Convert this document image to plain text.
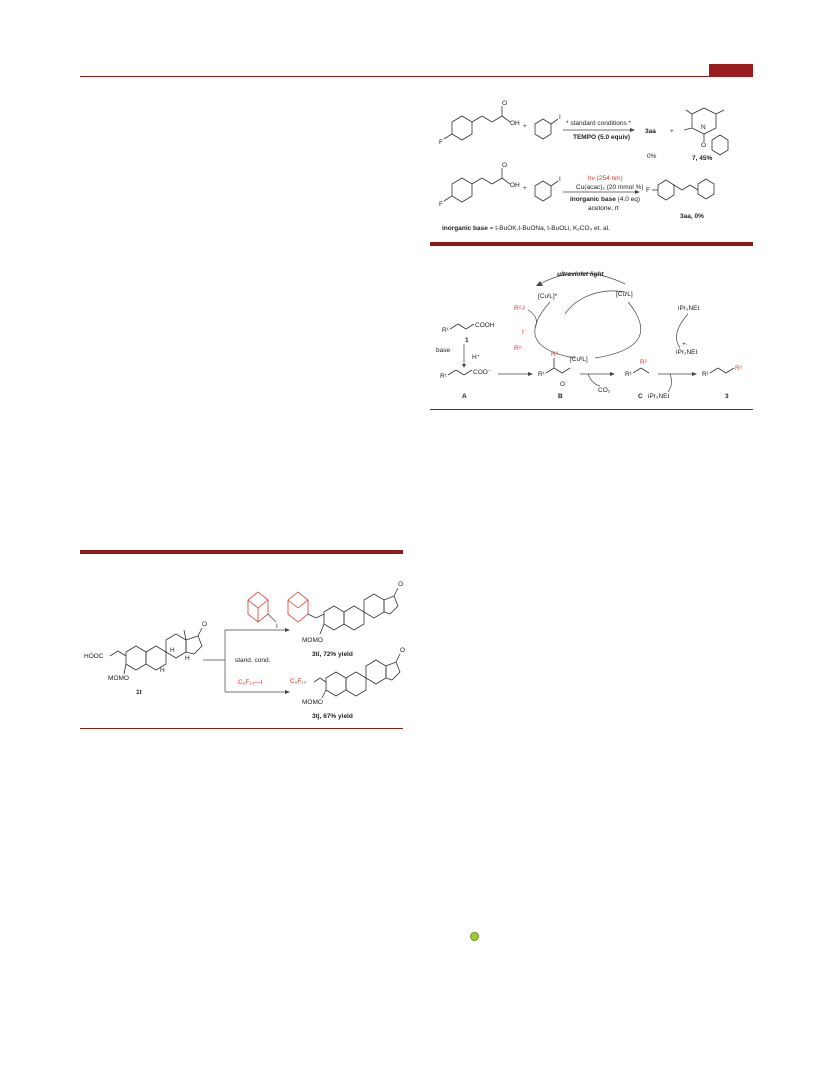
O
F
OH +
I
* standard conditions *
TEMPO (5.0 equiv)
3aa +
0%
N
O
7, 45%
O
F
OH +
I	hν (254 nm)
Cu(acac)₂ (20 mmol %)
inorganic base (4.0 eq)
acetone, rt
F
3aa, 0%
inorganic base = t-BuOK,t-BuONa, t-BuOLi, K₂CO₃ et. al.
ultraviolet light
[CuᴵL]*	[CuᴵL]
[CuᴵᴵL]
R²-I
I⁻
R²·
iPr₂NEt
iPr₂NEt
+·
R¹
COOH
1
base
H⁺
R¹
COO⁻
A
R¹
R²
O
B
CO₂
R¹
R²
C iPr₂NEt
R¹
R²
3
HOOC
O
H
H
H
MOMO
1t
stand. cond.
I
C₆F₁₃—I
O
MOMO
3ti, 72% yield
C₆F₁₃
O
MOMO
3tj, 67% yield
